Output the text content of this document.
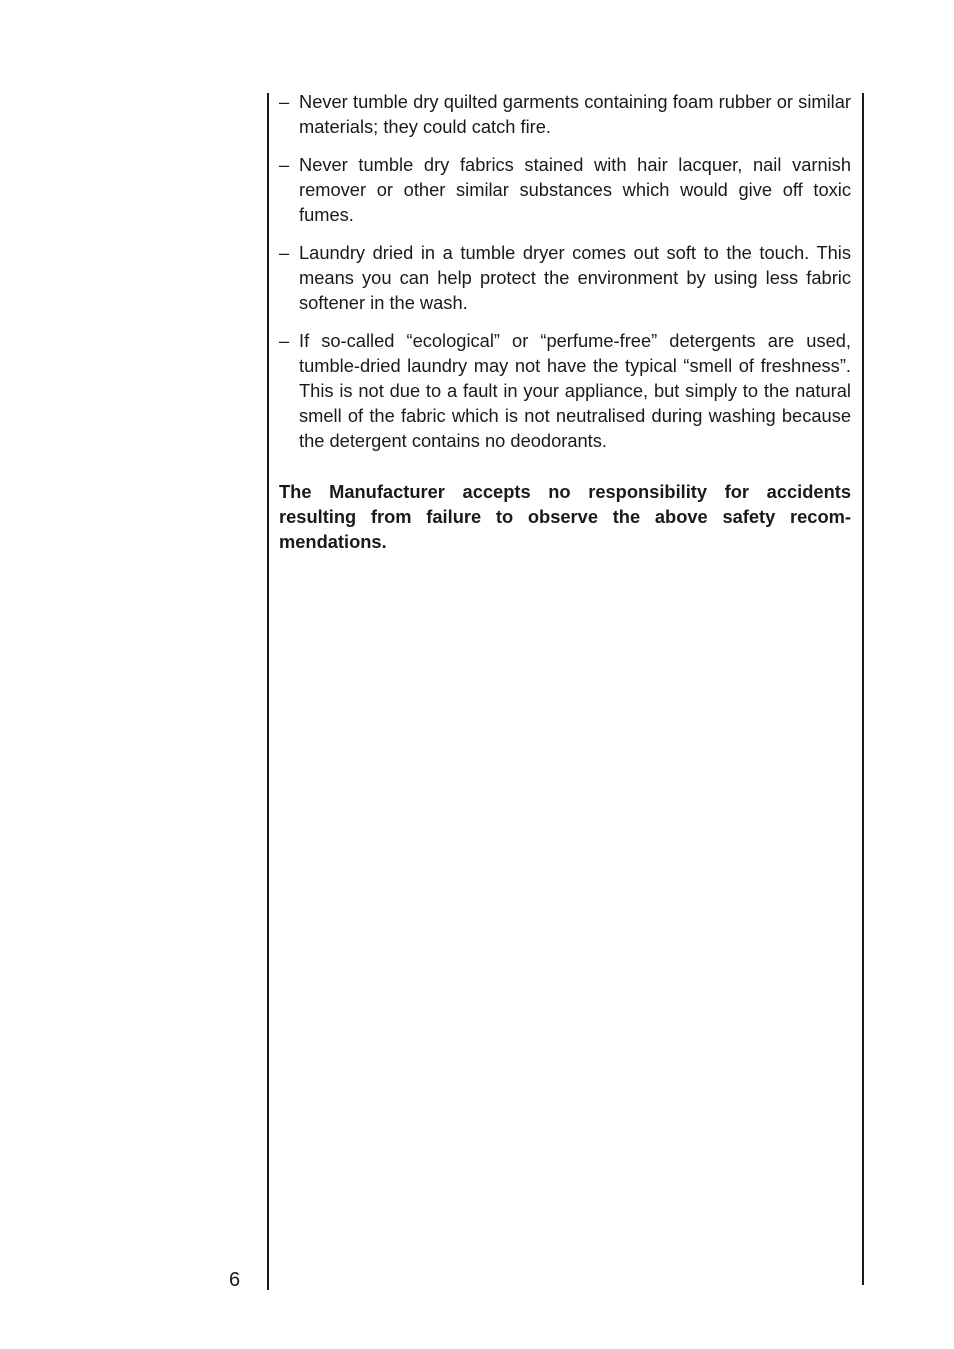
– Never tumble dry quilted garments containing foam rubber or similar materials; they could catch fire.
– Never tumble dry fabrics stained with hair lacquer, nail varnish remover or other similar substances which would give off toxic fumes.
– Laundry dried in a tumble dryer comes out soft to the touch. This means you can help protect the environment by using less fabric softener in the wash.
– If so-called “ecological” or “perfume-free” detergents are used, tumble-dried laundry may not have the typical “smell of freshness”. This is not due to a fault in your appliance, but simply to the natural smell of the fabric which is not neutralised during washing because the detergent contains no deodorants.

The Manufacturer accepts no responsibility for accidents resulting from failure to observe the above safety recommendations.

6
